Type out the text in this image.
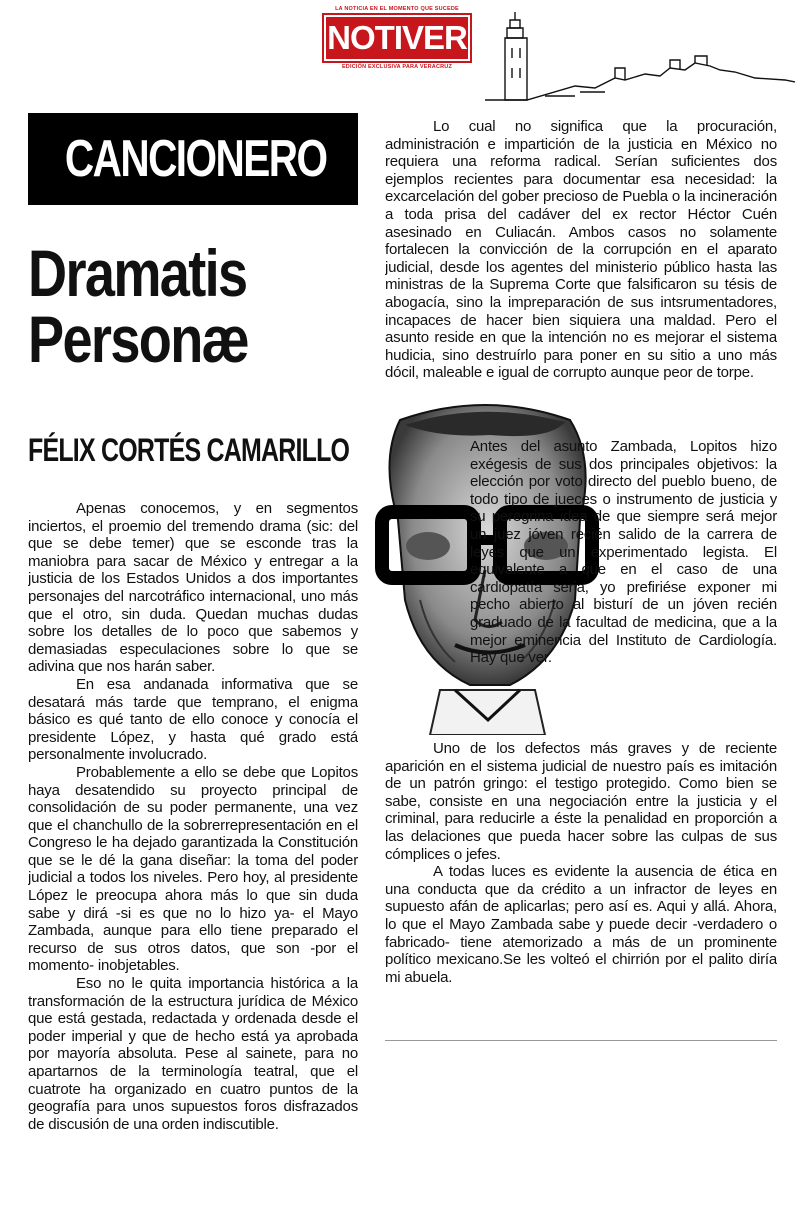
LA NOTICIA EN EL MOMENTO QUE SUCEDE
NOTIVER
EDICIÓN EXCLUSIVA PARA VERACRUZ
CANCIONERO
Dramatis
Personæ
FÉLIX CORTÉS CAMARILLO

Apenas conocemos, y en segmentos inciertos, el proemio del tremendo drama (sic: del que se debe temer) que se esconde tras la maniobra para sacar de México y entregar a la justicia de los Estados Unidos a dos importantes personajes del narcotráfico internacional, uno más que el otro, sin duda. Quedan muchas dudas sobre los detalles de lo poco que sabemos y demasiadas especulaciones sobre lo que se adivina que nos harán saber.

En esa andanada informativa que se desatará más tarde que temprano, el enigma básico es qué tanto de ello conoce y conocía el presidente López, y hasta qué grado está personalmente involucrado.

Probablemente a ello se debe que Lopitos haya desatendido su proyecto principal de consolidación de su poder permanente, una vez que el chanchullo de la sobrerrepresentación en el Congreso le ha dejado garantizada la Constitución que se le dé la gana diseñar: la toma del poder judicial a todos los niveles. Pero hoy, al presidente López le preocupa ahora más lo que sin duda sabe y dirá -si es que no lo hizo ya- el Mayo Zambada, aunque para ello tiene preparado el recurso de sus otros datos, que son -por el momento- inobjetables.

Eso no le quita importancia histórica a la transformación de la estructura jurídica de México que está gestada, redactada y ordenada desde el poder imperial y que de hecho está ya aprobada por mayoría absoluta. Pese al sainete, para no apartarnos de la terminología teatral, que el cuatrote ha organizado en cuatro puntos de la geografía para unos supuestos foros disfrazados de discusión de una orden indiscutible.

Lo cual no significa que la procuración, administración e impartición de la justicia en México no requiera una reforma radical. Serían suficientes dos ejemplos recientes para documentar esa necesidad: la excarcelación del gober precioso de Puebla o la incineración a toda prisa del cadáver del ex rector Héctor Cuén asesinado en Culiacán. Ambos casos no solamente fortalecen la convicción de la corrupción en el aparato judicial, desde los agentes del ministerio público hasta las ministras de la Suprema Corte que falsificaron su tésis de abogacía, sino la impreparación de sus intsrumentadores, incapaces de hacer bien siquiera una maldad. Pero el asunto reside en que la intención no es mejorar el sistema hudicia, sino destruírlo para poner en su sitio a uno más dócil, maleable e igual de corrupto aunque peor de torpe.

Antes del asunto Zambada, Lopitos hizo exégesis de sus dos principales objetivos: la elección por voto directo del pueblo bueno, de todo tipo de jueces o instrumento de justicia y su peregrina idea de que siempre será mejor un juez jóven recién salido de la carrera de leyes que un experimentado legista. El equivalente a que en el caso de una cardiopatía seria, yo prefiriése exponer mi pecho abierto al bisturí de un jóven recién graduado de la facultad de medicina, que a la mejor eminencia del Instituto de Cardiología. Hay que ver.

Uno de los defectos más graves y de reciente aparición en el sistema judicial de nuestro país es imitación de un patrón gringo: el testigo protegido. Como bien se sabe, consiste en una negociación entre la justicia y el criminal, para reducirle a éste la penalidad en proporción a las delaciones que pueda hacer sobre las culpas de sus cómplices o jefes.

A todas luces es evidente la ausencia de ética en una conducta que da crédito a un infractor de leyes en supuesto afán de aplicarlas; pero así es. Aqui y allá. Ahora, lo que el Mayo Zambada sabe y puede decir -verdadero o fabricado- tiene atemorizado a más de un prominente político mexicano.Se les volteó el chirrión por el palito diría mi abuela.
